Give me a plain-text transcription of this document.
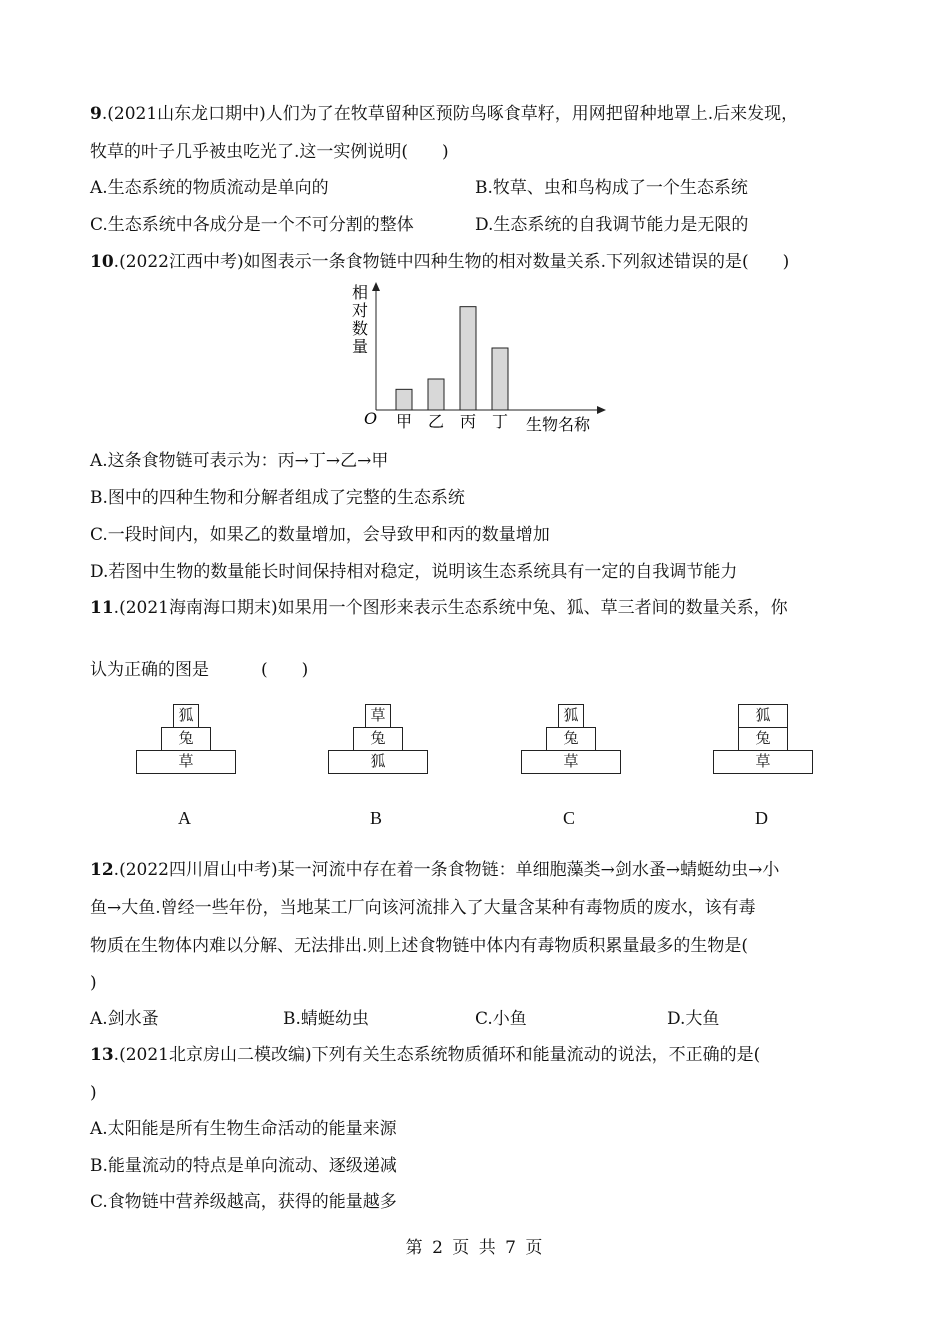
9.(2021山东龙口期中)人们为了在牧草留种区预防鸟啄食草籽，用网把留种地罩上.后来发现，
牧草的叶子几乎被虫吃光了.这一实例说明(　　)
A.生态系统的物质流动是单向的	B.牧草、虫和鸟构成了一个生态系统
C.生态系统中各成分是一个不可分割的整体	D.生态系统的自我调节能力是无限的
10.(2022江西中考)如图表示一条食物链中四种生物的相对数量关系.下列叙述错误的是(　　)
相
对
数
量
O	生物名称
甲 乙 丙 丁
A.这条食物链可表示为：丙→丁→乙→甲
B.图中的四种生物和分解者组成了完整的生态系统
C.一段时间内，如果乙的数量增加，会导致甲和丙的数量增加
D.若图中生物的数量能长时间保持相对稳定，说明该生态系统具有一定的自我调节能力
11.(2021海南海口期末)如果用一个图形来表示生态系统中兔、狐、草三者间的数量关系，你
认为正确的图是	(　　)
狐
兔
草
A
草
兔
狐
B
狐
兔
草
C
狐
兔
草
D
12.(2022四川眉山中考)某一河流中存在着一条食物链：单细胞藻类→剑水蚤→蜻蜓幼虫→小
鱼→大鱼.曾经一些年份，当地某工厂向该河流排入了大量含某种有毒物质的废水，该有毒
物质在生物体内难以分解、无法排出.则上述食物链中体内有毒物质积累量最多的生物是(
)
A.剑水蚤	B.蜻蜓幼虫	C.小鱼	D.大鱼
13.(2021北京房山二模改编)下列有关生态系统物质循环和能量流动的说法，不正确的是(
)
A.太阳能是所有生物生命活动的能量来源
B.能量流动的特点是单向流动、逐级递减
C.食物链中营养级越高，获得的能量越多
第 2 页 共 7 页
